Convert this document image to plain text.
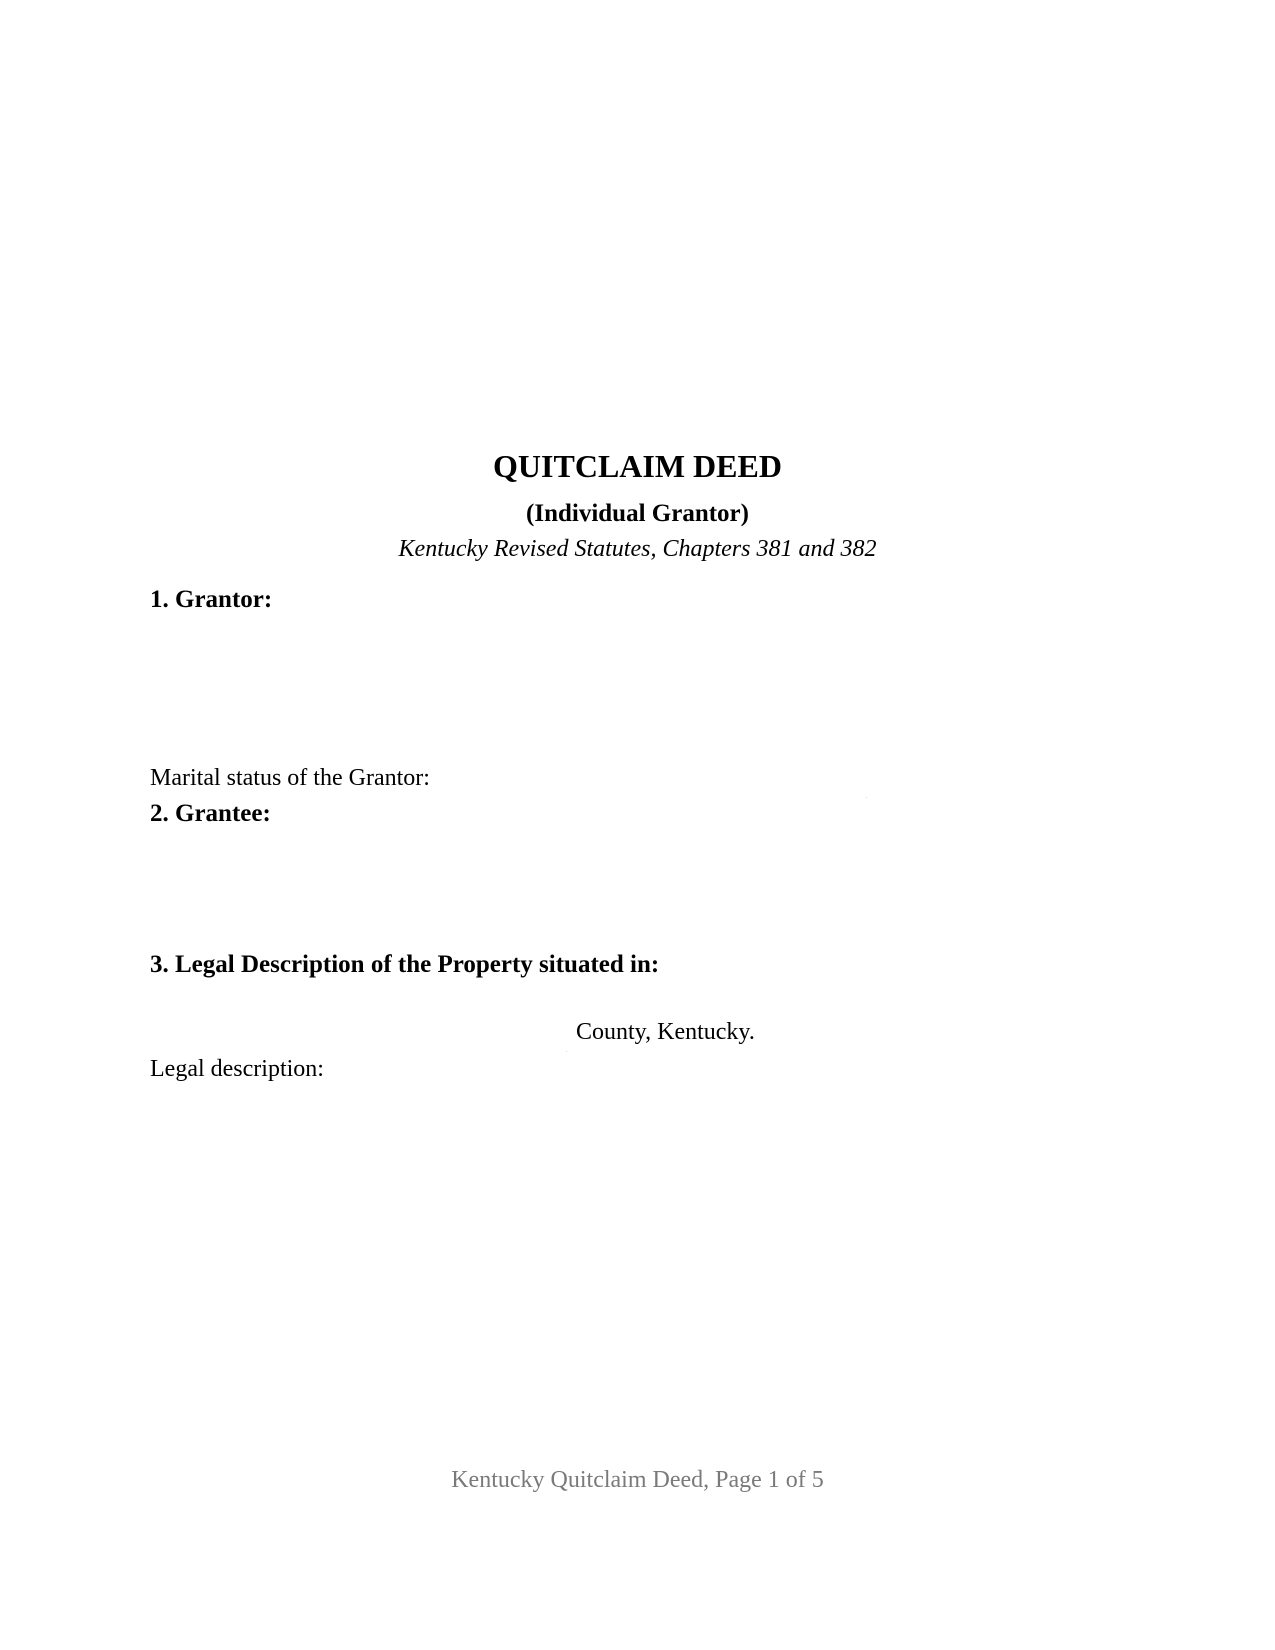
QUITCLAIM DEED
(Individual Grantor)
Kentucky Revised Statutes, Chapters 381 and 382
1. Grantor:
Marital status of the Grantor:
2. Grantee:
3. Legal Description of the Property situated in:
County, Kentucky.
Legal description:
Kentucky Quitclaim Deed, Page 1 of 5
